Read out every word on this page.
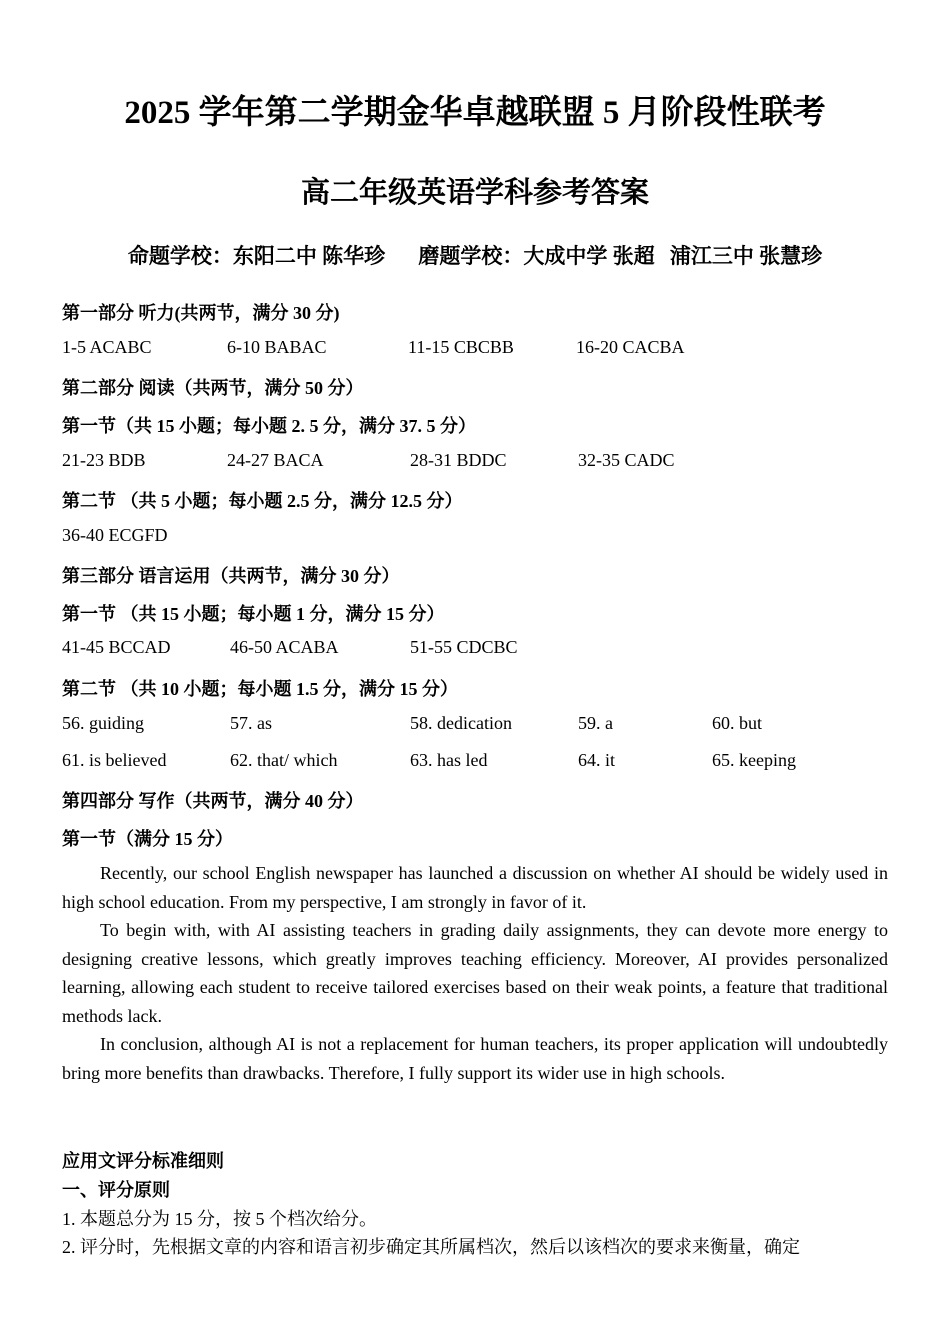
2025 学年第二学期金华卓越联盟 5 月阶段性联考
高二年级英语学科参考答案
命题学校：东阳二中 陈华珍 磨题学校：大成中学 张超 浦江三中 张慧珍
第一部分 听力(共两节，满分 30 分)
1-5 ACABC	6-10 BABAC	11-15 CBCBB	16-20 CACBA
第二部分 阅读（共两节，满分 50 分）
第一节（共 15 小题；每小题 2. 5 分，满分 37. 5 分）
21-23 BDB	24-27 BACA	28-31 BDDC	32-35 CADC
第二节 （共 5 小题；每小题 2.5 分，满分 12.5 分）
36-40 ECGFD
第三部分 语言运用（共两节，满分 30 分）
第一节 （共 15 小题；每小题 1 分，满分 15 分）
41-45 BCCAD	46-50 ACABA	51-55 CDCBC
第二节 （共 10 小题；每小题 1.5 分，满分 15 分）
56. guiding	57. as	58. dedication	59. a	60. but
61. is believed	62. that/ which	63. has led	64. it	65. keeping
第四部分 写作（共两节，满分 40 分）
第一节（满分 15 分）

Recently, our school English newspaper has launched a discussion on whether AI should be widely used in high school education. From my perspective, I am strongly in favor of it.

To begin with, with AI assisting teachers in grading daily assignments, they can devote more energy to designing creative lessons, which greatly improves teaching efficiency. Moreover, AI provides personalized learning, allowing each student to receive tailored exercises based on their weak points, a feature that traditional methods lack.

In conclusion, although AI is not a replacement for human teachers, its proper application will undoubtedly bring more benefits than drawbacks. Therefore, I fully support its wider use in high schools.

应用文评分标准细则
一、评分原则
1. 本题总分为 15 分，按 5 个档次给分。
2. 评分时，先根据文章的内容和语言初步确定其所属档次，然后以该档次的要求来衡量，确定
